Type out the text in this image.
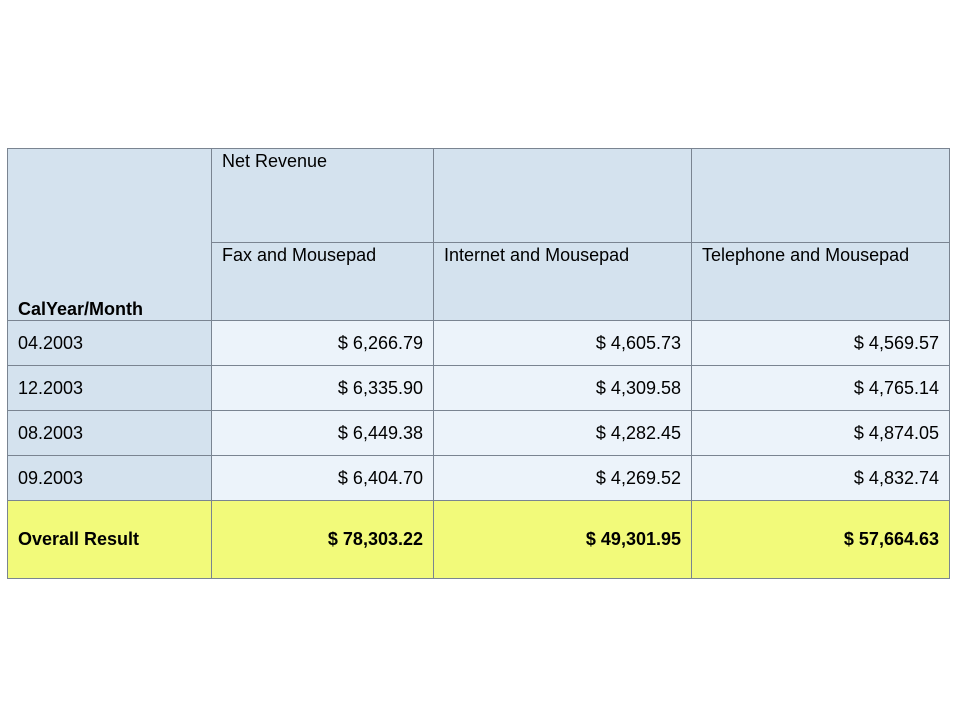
CalYear/Month	Net Revenue		
	Fax and Mousepad	Internet and Mousepad	Telephone and Mousepad
04.2003	$ 6,266.79	$ 4,605.73	$ 4,569.57
12.2003	$ 6,335.90	$ 4,309.58	$ 4,765.14
08.2003	$ 6,449.38	$ 4,282.45	$ 4,874.05
09.2003	$ 6,404.70	$ 4,269.52	$ 4,832.74
Overall Result	$ 78,303.22	$ 49,301.95	$ 57,664.63
